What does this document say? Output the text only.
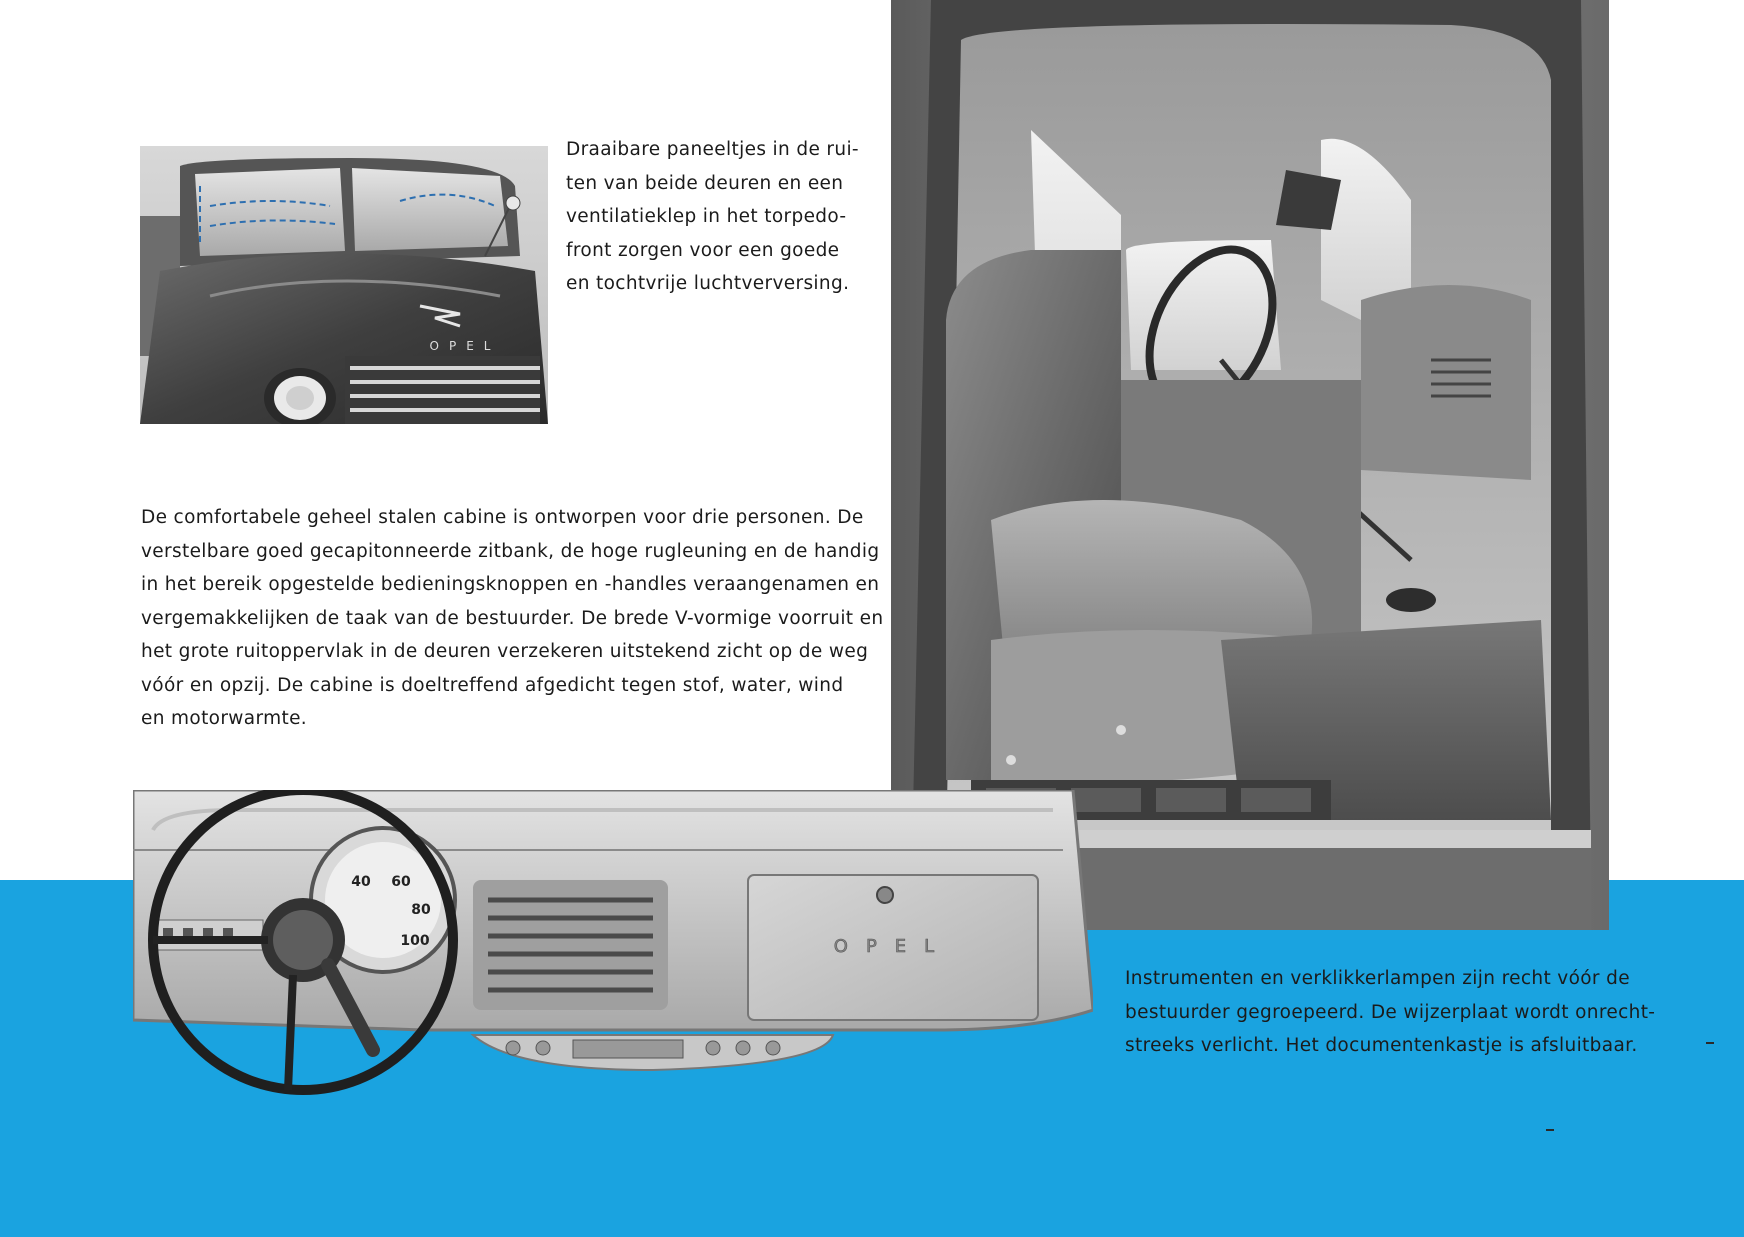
OPEL

Draaibare paneeltjes in de rui-
ten van beide deuren en een
ventilatieklep in het torpedo-
front zorgen voor een goede
en tochtvrije luchtverversing.

De comfortabele geheel stalen cabine is ontworpen voor drie personen. De
verstelbare goed gecapitonneerde zitbank, de hoge rugleuning en de handig
in het bereik opgestelde bedieningsknoppen en -handles veraangenamen en
vergemakkelijken de taak van de bestuurder. De brede V-vormige voorruit en
het grote ruitoppervlak in de deuren verzekeren uitstekend zicht op de weg
vóór en opzij. De cabine is doeltreffend afgedicht tegen stof, water, wind
en motorwarmte.

OPEL
40 60
80
100

Instrumenten en verklikkerlampen zijn recht vóór de
bestuurder gegroepeerd. De wijzerplaat wordt onrecht-
streeks verlicht. Het documentenkastje is afsluitbaar.
